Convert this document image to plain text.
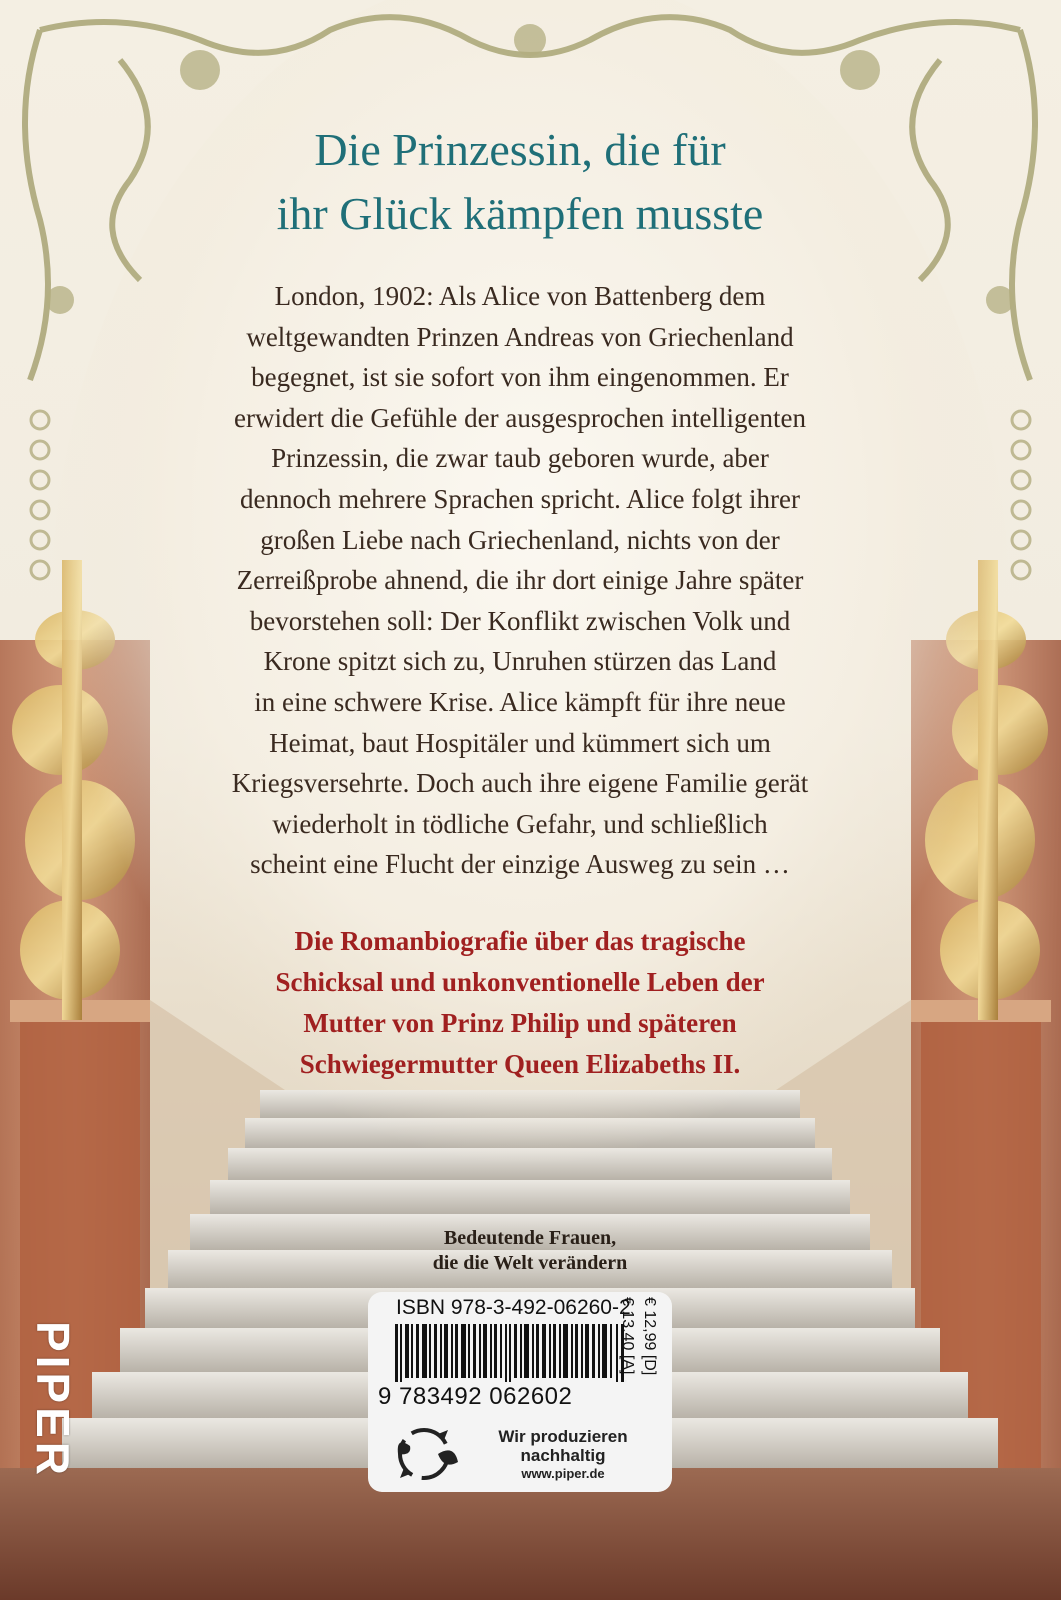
Die Prinzessin, die für
ihr Glück kämpfen musste
London, 1902: Als Alice von Battenberg dem
weltgewandten Prinzen Andreas von Griechenland
begegnet, ist sie sofort von ihm eingenommen. Er
erwidert die Gefühle der ausgesprochen intelligenten
Prinzessin, die zwar taub geboren wurde, aber
dennoch mehrere Sprachen spricht. Alice folgt ihrer
großen Liebe nach Griechenland, nichts von der
Zerreißprobe ahnend, die ihr dort einige Jahre später
bevorstehen soll: Der Konflikt zwischen Volk und
Krone spitzt sich zu, Unruhen stürzen das Land
in eine schwere Krise. Alice kämpft für ihre neue
Heimat, baut Hospitäler und kümmert sich um
Kriegsversehrte. Doch auch ihre eigene Familie gerät
wiederholt in tödliche Gefahr, und schließlich
scheint eine Flucht der einzige Ausweg zu sein …
Die Romanbiografie über das tragische
Schicksal und unkonventionelle Leben der
Mutter von Prinz Philip und späteren
Schwiegermutter Queen Elizabeths II.
Bedeutende Frauen,
die die Welt verändern
PIPER
ISBN 978-3-492-06260-2
9 783492 062602
€ 12,99 [D]
€ 13,40 [A]
Wir produzieren
nachhaltig
www.piper.de
